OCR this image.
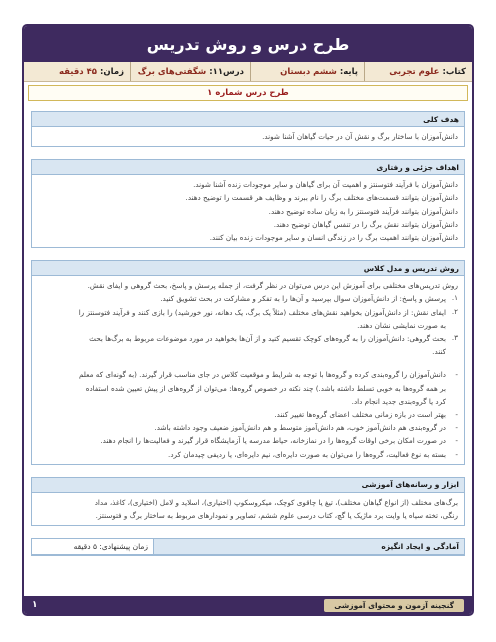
طرح درس و روش تدریس
کتاب:
علوم تجربی
پایه:
ششم دبستان
درس۱۱:
شگفتی‌های برگ
زمان:
۴۵ دقیقه
طرح درس شماره ۱
هدف کلی
دانش‌آموزان با ساختار برگ و نقش آن در حیات گیاهان آشنا شوند.
اهداف جزئی و رفتاری
دانش‌آموزان با فرآیند فتوسنتز و اهمیت آن برای گیاهان و سایر موجودات زنده آشنا شوند.
دانش‌آموزان بتوانند قسمت‌های مختلف برگ را نام ببرند و وظایف هر قسمت را توضیح دهند.
دانش‌آموزان بتوانند فرآیند فتوسنتز را به زبان ساده توضیح دهند.
دانش‌آموزان بتوانند نقش برگ را در تنفس گیاهان توضیح دهند.
دانش‌آموزان بتوانند اهمیت برگ را در زندگی انسان و سایر موجودات زنده بیان کنند.
روش تدریس و مدل کلاس
روش تدریس‌های مختلفی برای آموزش این درس می‌توان در نظر گرفت، از جمله پرسش و پاسخ، بحث گروهی و ایفای نقش.
۱.
پرسش و پاسخ: از دانش‌آموزان سوال بپرسید و آن‌ها را به تفکر و مشارکت در بحث تشویق کنید.
۲.
ایفای نقش: از دانش‌آموزان بخواهید نقش‌های مختلف (مثلاً یک برگ، یک دهانه، نور خورشید) را بازی کنند و فرآیند فتوسنتز را
به صورت نمایشی نشان دهند.
۳.
بحث گروهی: دانش‌آموزان را به گروه‌های کوچک تقسیم کنید و از آن‌ها بخواهید در مورد موضوعات مربوط به برگ‌ها بحث
کنند.
-
دانش‌آموزان را گروه‌بندی کرده و گروه‌ها با توجه به شرایط و موقعیت کلاس در جای مناسب قرار گیرند. (به گونه‌ای که معلم
بر همه گروه‌ها به خوبی تسلط داشته باشد.) چند نکته در خصوص گروه‌ها: می‌توان از گروه‌های از پیش تعیین شده استفاده
کرد یا گروه‌بندی جدید انجام داد.
-
بهتر است در بازه زمانی مختلف اعضای گروه‌ها تغییر کنند.
-
در گروه‌بندی هم دانش‌آموز خوب، هم دانش‌آموز متوسط و هم دانش‌آموز ضعیف وجود داشته باشد.
-
در صورت امکان برخی اوقات گروه‌ها را در نمازخانه، حیاط مدرسه یا آزمایشگاه قرار گیرند و فعالیت‌ها را انجام دهند.
-
بسته به نوع فعالیت، گروه‌ها را می‌توان به صورت دایره‌ای، نیم دایره‌ای، یا ردیفی چیدمان کرد.
ابزار و رسانه‌های آموزشی
برگ‌های مختلف (از انواع گیاهان مختلف)، تیغ یا چاقوی کوچک، میکروسکوپ (اختیاری)، اسلاید و لامل (اختیاری)، کاغذ، مداد
رنگی، تخته سیاه یا وایت برد ماژیک یا گچ، کتاب درسی علوم ششم، تصاویر و نمودارهای مربوط به ساختار برگ و فتوسنتز.
آمادگی و ایجاد انگیزه
زمان پیشنهادی: ۵ دقیقه
گنجینه آزمون و محتوای آموزشی
۱
